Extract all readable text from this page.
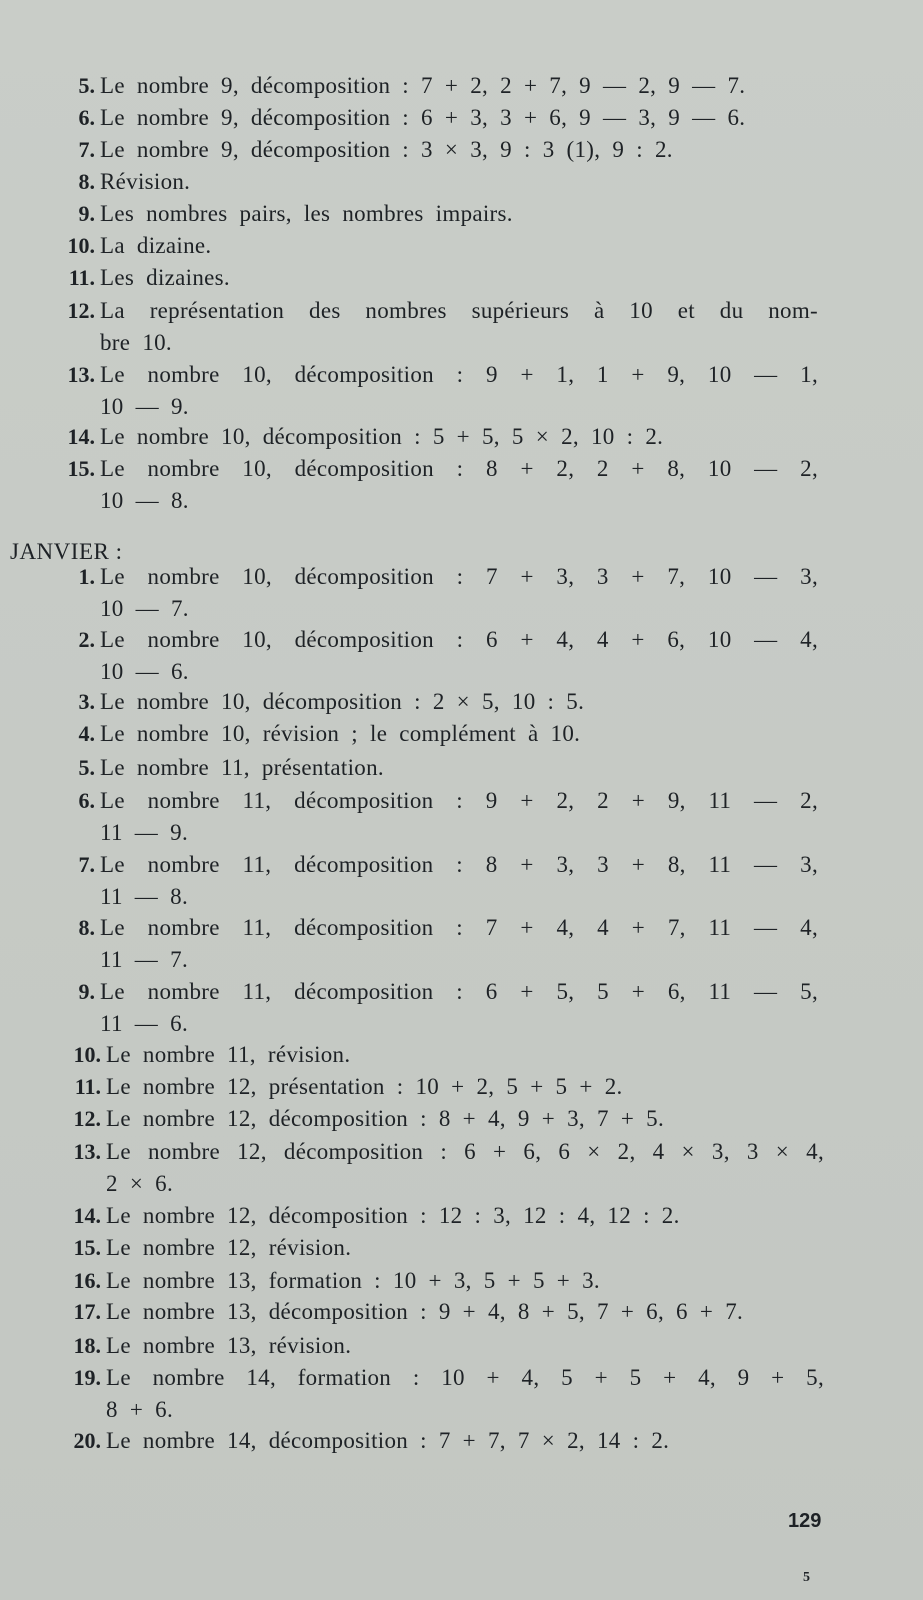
5. Le nombre 9, décomposition : 7 + 2, 2 + 7, 9 — 2, 9 — 7.
6. Le nombre 9, décomposition : 6 + 3, 3 + 6, 9 — 3, 9 — 6.
7. Le nombre 9, décomposition : 3 × 3, 9 : 3 (1), 9 : 2.
8. Révision.
9. Les nombres pairs, les nombres impairs.
10. La dizaine.
11. Les dizaines.
12. La représentation des nombres supérieurs à 10 et du nom-
bre 10.
13. Le nombre 10, décomposition : 9 + 1, 1 + 9, 10 — 1,
10 — 9.
14. Le nombre 10, décomposition : 5 + 5, 5 × 2, 10 : 2.
15. Le nombre 10, décomposition : 8 + 2, 2 + 8, 10 — 2,
10 — 8.
JANVIER :
1. Le nombre 10, décomposition : 7 + 3, 3 + 7, 10 — 3,
10 — 7.
2. Le nombre 10, décomposition : 6 + 4, 4 + 6, 10 — 4,
10 — 6.
3. Le nombre 10, décomposition : 2 × 5, 10 : 5.
4. Le nombre 10, révision ; le complément à 10.
5. Le nombre 11, présentation.
6. Le nombre 11, décomposition : 9 + 2, 2 + 9, 11 — 2,
11 — 9.
7. Le nombre 11, décomposition : 8 + 3, 3 + 8, 11 — 3,
11 — 8.
8. Le nombre 11, décomposition : 7 + 4, 4 + 7, 11 — 4,
11 — 7.
9. Le nombre 11, décomposition : 6 + 5, 5 + 6, 11 — 5,
11 — 6.
10. Le nombre 11, révision.
11. Le nombre 12, présentation : 10 + 2, 5 + 5 + 2.
12. Le nombre 12, décomposition : 8 + 4, 9 + 3, 7 + 5.
13. Le nombre 12, décomposition : 6 + 6, 6 × 2, 4 × 3, 3 × 4,
2 × 6.
14. Le nombre 12, décomposition : 12 : 3, 12 : 4, 12 : 2.
15. Le nombre 12, révision.
16. Le nombre 13, formation : 10 + 3, 5 + 5 + 3.
17. Le nombre 13, décomposition : 9 + 4, 8 + 5, 7 + 6, 6 + 7.
18. Le nombre 13, révision.
19. Le nombre 14, formation : 10 + 4, 5 + 5 + 4, 9 + 5,
8 + 6.
20. Le nombre 14, décomposition : 7 + 7, 7 × 2, 14 : 2.
129
5
